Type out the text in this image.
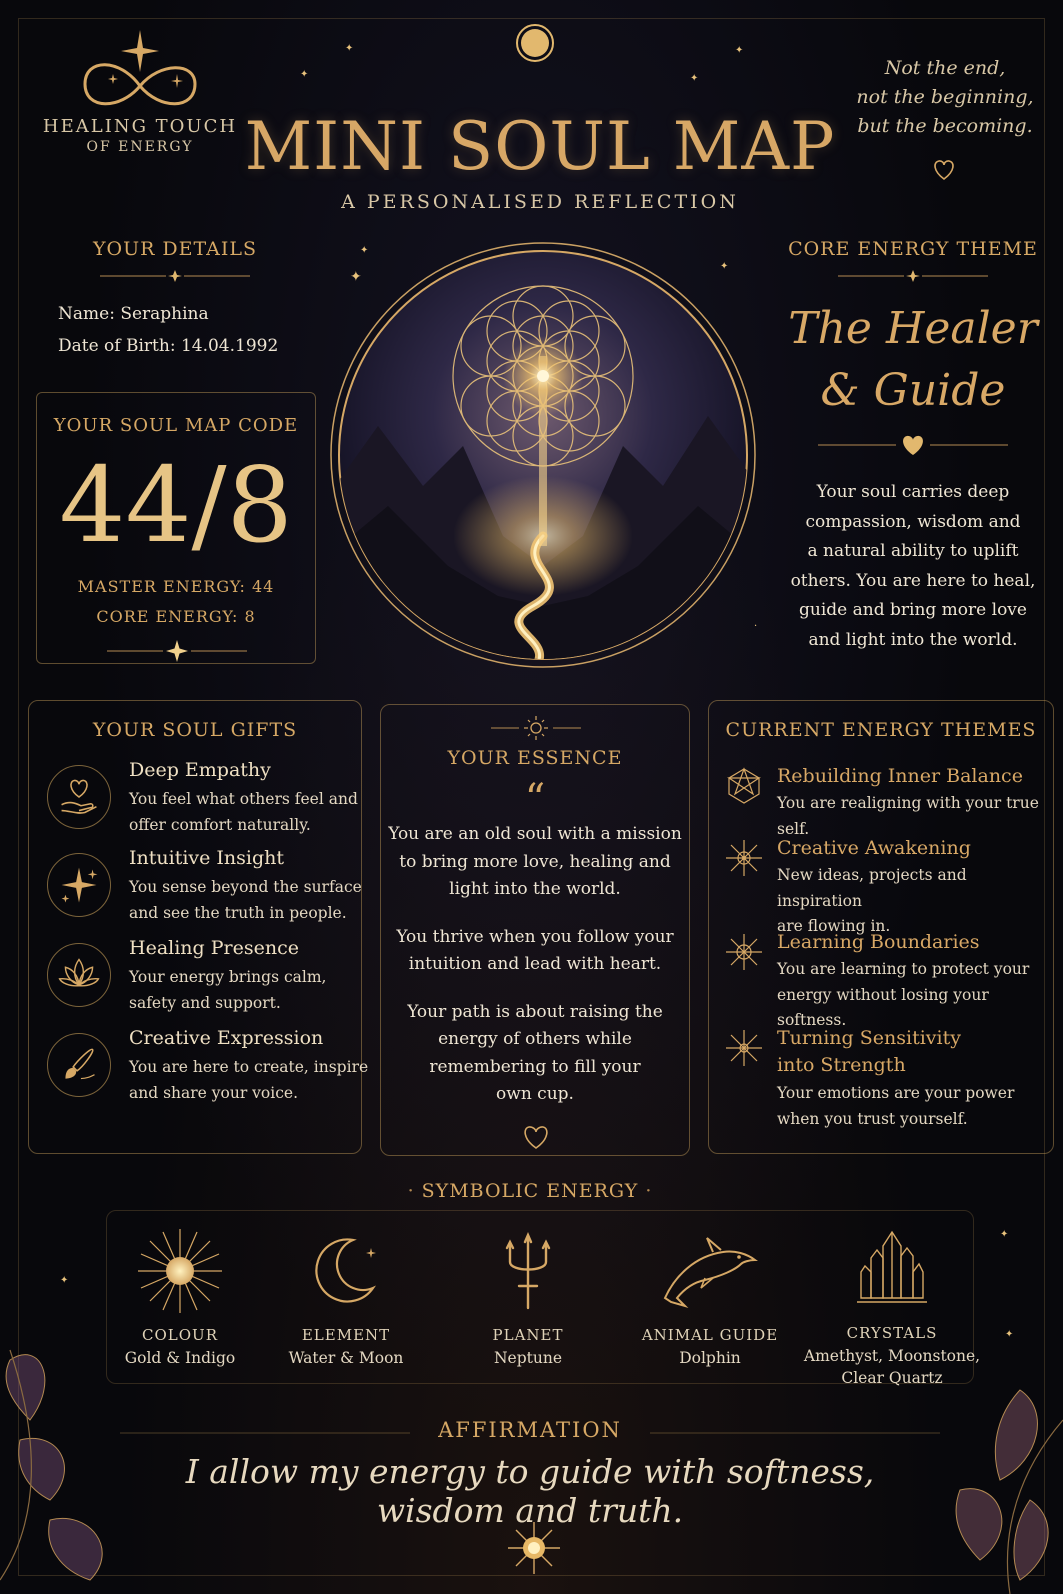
✦
✦
✦
✦
✦
✦
✦
·
✦
✦
✦
HEALING TOUCH
OF ENERGY MINI SOUL MAP
A PERSONALISED REFLECTION
Not the end,
not the beginning,
but the becoming.
YOUR DETAILS
Name: Seraphina
Date of Birth: 14.04.1992
YOUR SOUL MAP CODE
44/8
MASTER ENERGY: 44
CORE ENERGY: 8
CORE ENERGY THEME
The Healer
& Guide
Your soul carries deep
compassion, wisdom and
a natural ability to uplift
others. You are here to heal,
guide and bring more love
and light into the world.
YOUR SOUL GIFTS
Deep Empathy
You feel what others feel and
offer comfort naturally.
Intuitive Insight
You sense beyond the surface
and see the truth in people.
Healing Presence
Your energy brings calm,
safety and support.
Creative Expression
You are here to create, inspire
and share your voice.
YOUR ESSENCE
“
You are an old soul with a mission
to bring more love, healing and
light into the world.
You thrive when you follow your
intuition and lead with heart.
Your path is about raising the
energy of others while
remembering to fill your
own cup.
CURRENT ENERGY THEMES
Rebuilding Inner Balance
You are realigning with your true self.
Creative Awakening
New ideas, projects and inspiration
are flowing in.
Learning Boundaries
You are learning to protect your
energy without losing your softness.
Turning Sensitivity
into Strength
Your emotions are your power
when you trust yourself.
· SYMBOLIC ENERGY ·
COLOUR
Gold & Indigo
ELEMENT
Water & Moon
PLANET
Neptune
ANIMAL GUIDE
Dolphin
CRYSTALS
Amethyst, Moonstone,
Clear Quartz
AFFIRMATION
I allow my energy to guide with softness, wisdom and truth.
